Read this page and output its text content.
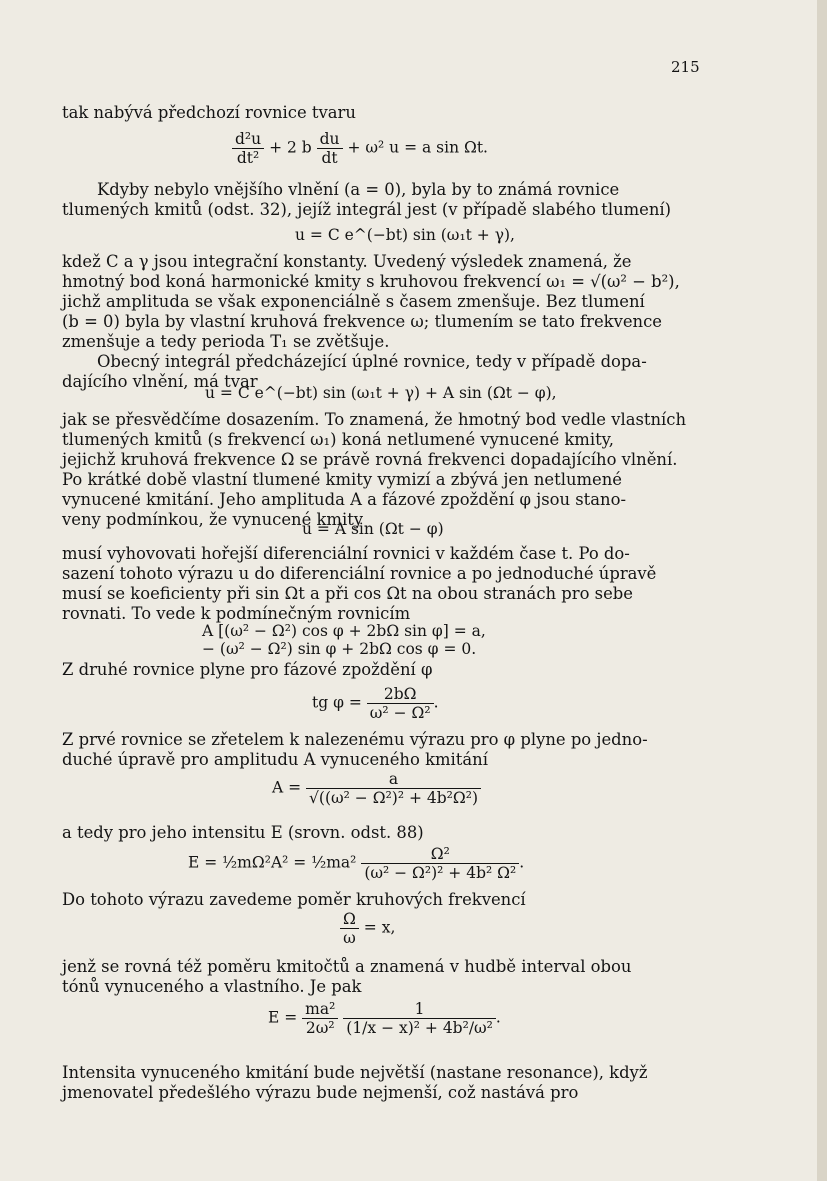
215
tak nabývá předchozí rovnice tvaru
$\frac{\text{d²u}}{\text{dt²}} + 2$ b $\frac{du}{dt} + \omega^2$ u = a sin Ωt.
Kdyby nebylo vnějšího vlnění (a = 0), byla by to známá rovnice
tlumených kmitů (odst. 32), jejíž integrál jest (v případě slabého tlumení)
u = C e^(−bt) sin (ω₁t + γ),
kdež C a γ jsou integrační konstanty. Uvedený výsledek znamená, že
hmotný bod koná harmonické kmity s kruhovou frekvencí ω₁ = √(ω² − b²),
jichž amplituda se však exponenciálně s časem zmenšuje. Bez tlumení
(b = 0) byla by vlastní kruhová frekvence ω; tlumením se tato frekvence
zmenšuje a tedy perioda T₁ se zvětšuje.
Obecný integrál předcházející úplné rovnice, tedy v případě dopa-
dajícího vlnění, má tvar
u = C e^(−bt) sin (ω₁t + γ) + A sin (Ωt − φ),
jak se přesvědčíme dosazením. To znamená, že hmotný bod vedle vlastních
tlumených kmitů (s frekvencí ω₁) koná netlumené vynucené kmity,
jejichž kruhová frekvence Ω se právě rovná frekvenci dopadajícího vlnění.
Po krátké době vlastní tlumené kmity vymizí a zbývá jen netlumené
vynucené kmitání. Jeho amplituda A a fázové zpoždění φ jsou stano-
veny podmínkou, že vynucené kmity
u = A sin (Ωt − φ)
musí vyhovovati hořejší diferenciální rovnici v každém čase t. Po do-
sazení tohoto výrazu u do diferenciální rovnice a po jednoduché úpravě
musí se koeficienty při sin Ωt a při cos Ωt na obou stranách pro sebe
rovnati. To vede k podmínečným rovnicím
A [(ω² − Ω²) cos φ + 2bΩ sin φ] = a,
− (ω² − Ω²) sin φ + 2bΩ cos φ = 0.
Z druhé rovnice plyne pro fázové zpoždění φ
tg $\varphi = \frac{2b\Omega}{\text{ω² − Ω²}}$ .
Z prvé rovnice se zřetelem k nalezenému výrazu pro φ plyne po jedno-
duché úpravě pro amplitudu A vynuceného kmitání
$A = \frac{a}{\text{√((ω² − Ω²)² + 4b²Ω²)}}$
a tedy pro jeho intensitu E (srovn. odst. 88)
E = ½mΩ²A² = ½ma² $\frac{\text{Ω²}}{\text{(ω² − Ω²)² + 4b² Ω²}}$ .
Do tohoto výrazu zavedeme poměr kruhových frekvencí
$\frac{\Omega}{\omega} = x$,
jenž se rovná též poměru kmitočtů a znamená v hudbě interval obou
tónů vynuceného a vlastního. Je pak
$E = \frac{\text{ma²}}{\text{2ω²}}$
$\frac{1}{\text{(1/x − x)² + 4b²/ω²}}$ .
Intensita vynuceného kmitání bude největší (nastane resonance), když
jmenovatel předešlého výrazu bude nejmenší, což nastává pro
